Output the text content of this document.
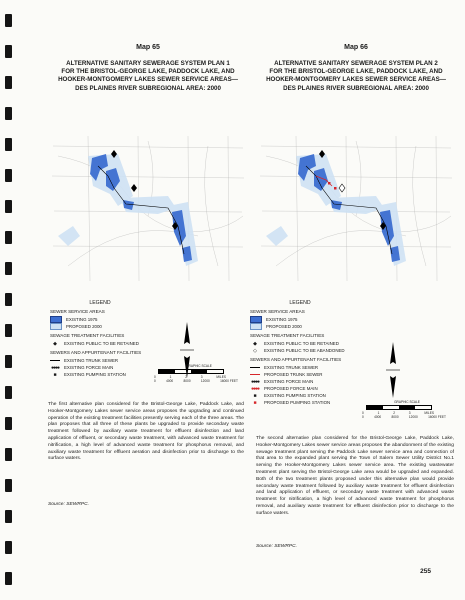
Map 65
ALTERNATIVE SANITARY SEWERAGE SYSTEM PLAN 1
FOR THE BRISTOL-GEORGE LAKE, PADDOCK LAKE, AND
HOOKER-MONTGOMERY LAKES SEWER SERVICE AREAS—
DES PLAINES RIVER SUBREGIONAL AREA: 2000
LEGEND
SEWER SERVICE AREAS
EXISTING 1975
PROPOSED 2000
SEWAGE TREATMENT FACILITIES
◆	EXISTING PUBLIC TO BE RETAINED
SEWERS AND APPURTENANT FACILITIES
EXISTING TRUNK SEWER
●●●● EXISTING FORCE MAIN
■	EXISTING PUMPING STATION
GRAPHIC SCALE
0	1	2	3	MILES
0	4000	8000	12000	16000 FEET
The first alternative plan considered for the Bristol-George Lake, Paddock Lake, and Hooker-Montgomery Lakes sewer service areas proposes the upgrading and continued operation of the existing treatment facilities presently serving each of the three areas. The plan proposes that all three of these plants be upgraded to provide secondary waste treatment followed by auxiliary waste treatment for effluent disinfection and land application of effluent, or secondary waste treatment, with advanced waste treatment for nitrification, a high level of advanced waste treatment for phosphorus removal, and auxiliary waste treatment for effluent aeration and disinfection prior to discharge to the surface waters.
Source: SEWRPC.
Map 66
ALTERNATIVE SANITARY SEWERAGE SYSTEM PLAN 2
FOR THE BRISTOL-GEORGE LAKE, PADDOCK LAKE, AND
HOOKER-MONTGOMERY LAKES SEWER SERVICE AREAS—
DES PLAINES RIVER SUBREGIONAL AREA: 2000
LEGEND
SEWER SERVICE AREAS
EXISTING 1975
PROPOSED 2000
SEWAGE TREATMENT FACILITIES
◆	EXISTING PUBLIC TO BE RETAINED
◇	EXISTING PUBLIC TO BE ABANDONED
SEWERS AND APPURTENANT FACILITIES
EXISTING TRUNK SEWER
PROPOSED TRUNK SEWER
●●●● EXISTING FORCE MAIN
●●●● PROPOSED FORCE MAIN
■	EXISTING PUMPING STATION
■	PROPOSED PUMPING STATION	GRAPHIC SCALE
0	1	2	3	MILES
0	4000	8000	12000	16000 FEET
The second alternative plan considered for the Bristol-George Lake, Paddock Lake, Hooker-Montgomery Lakes sewer service areas proposes the abandonment of the existing sewage treatment plant serving the Paddock Lake sewer service area and connection of that area to the expanded plant serving the Town of Salem Sewer Utility District No.1 serving the Hooker-Montgomery Lakes sewer service area. The existing wastewater treatment plant serving the Bristol-George Lake area would be upgraded and expanded. Both of the two treatment plants proposed under this alternative plan would provide secondary waste treatment followed by auxiliary waste treatment for effluent disinfection and land application of effluent, or secondary waste treatment with advanced waste treatment for nitrification, a high level of advanced waste treatment for phosphorus removal, and auxiliary waste treatment for effluent disinfection prior to discharge to the surface waters.
Source: SEWRPC.
255
